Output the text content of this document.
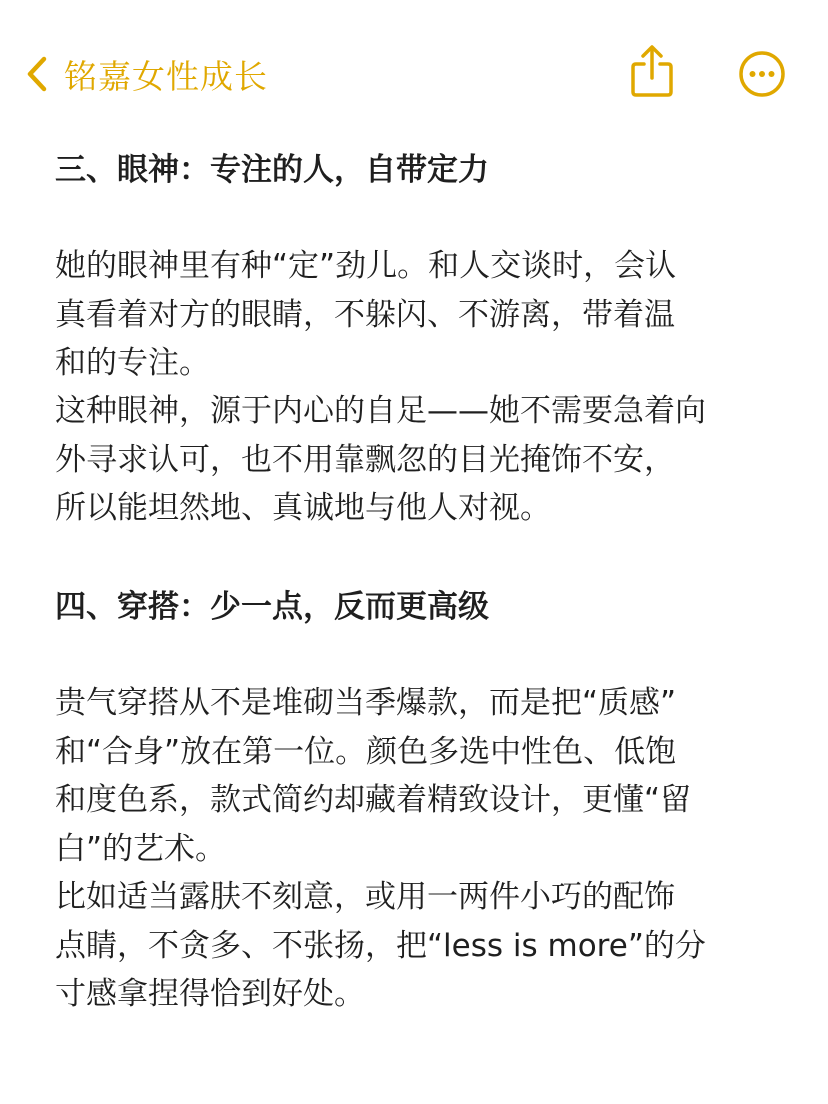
铭嘉女性成长

三、眼神：专注的人，自带定力

她的眼神里有种“定”劲儿。和人交谈时，会认

真看着对方的眼睛，不躲闪、不游离，带着温

和的专注。

这种眼神，源于内心的自足——她不需要急着向

外寻求认可，也不用靠飘忽的目光掩饰不安，

所以能坦然地、真诚地与他人对视。

四、穿搭：少一点，反而更高级

贵气穿搭从不是堆砌当季爆款，而是把“质感”

和“合身”放在第一位。颜色多选中性色、低饱

和度色系，款式简约却藏着精致设计，更懂“留

白”的艺术。

比如适当露肤不刻意，或用一两件小巧的配饰

点睛，不贪多、不张扬，把“less is more”的分

寸感拿捏得恰到好处。
